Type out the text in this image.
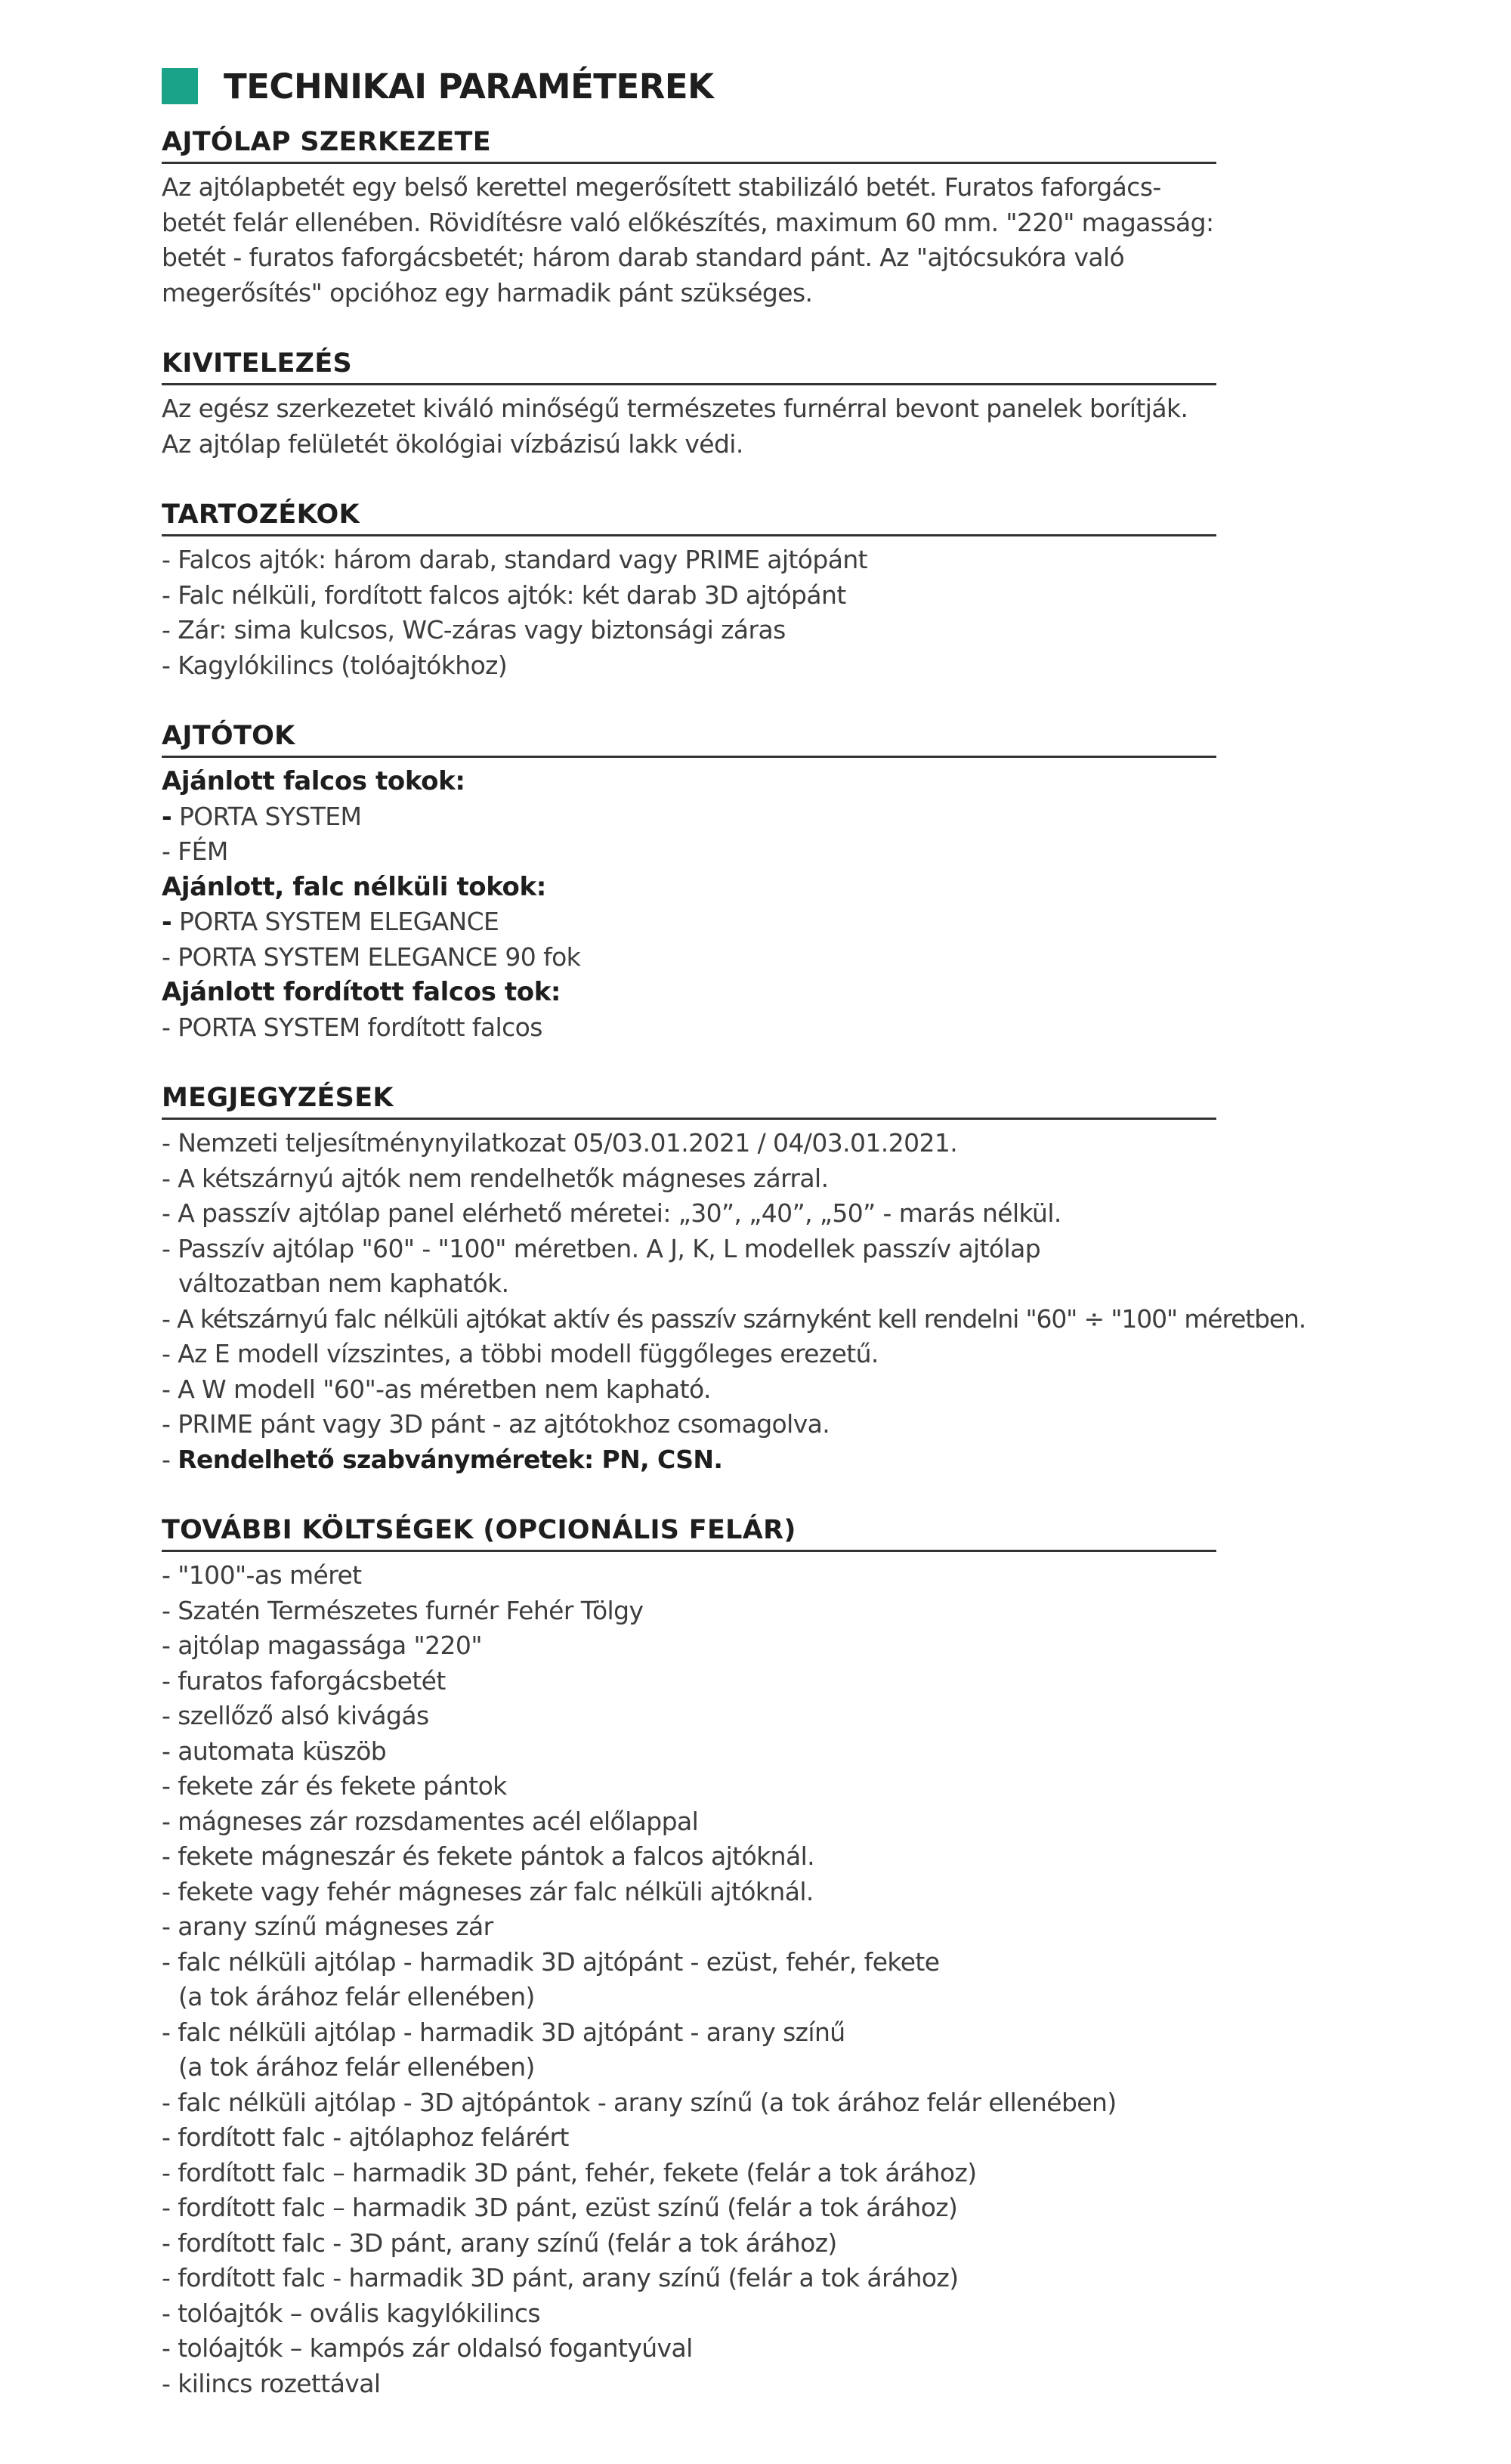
TECHNIKAI PARAMÉTEREK
AJTÓLAP SZERKEZETE
Az ajtólapbetét egy belső kerettel megerősített stabilizáló betét. Furatos faforgács-
betét felár ellenében. Rövidítésre való előkészítés, maximum 60 mm. "220" magasság:
betét - furatos faforgácsbetét; három darab standard pánt. Az "ajtócsukóra való
megerősítés" opcióhoz egy harmadik pánt szükséges.
KIVITELEZÉS
Az egész szerkezetet kiváló minőségű természetes furnérral bevont panelek borítják.
Az ajtólap felületét ökológiai vízbázisú lakk védi.
TARTOZÉKOK
- Falcos ajtók: három darab, standard vagy PRIME ajtópánt
- Falc nélküli, fordított falcos ajtók: két darab 3D ajtópánt
- Zár: sima kulcsos, WC-záras vagy biztonsági záras
- Kagylókilincs (tolóajtókhoz)
AJTÓTOK
Ajánlott falcos tokok:
- PORTA SYSTEM
- FÉM
Ajánlott, falc nélküli tokok:
- PORTA SYSTEM ELEGANCE
- PORTA SYSTEM ELEGANCE 90 fok
Ajánlott fordított falcos tok:
- PORTA SYSTEM fordított falcos
MEGJEGYZÉSEK
- Nemzeti teljesítménynyilatkozat 05/03.01.2021 / 04/03.01.2021.
- A kétszárnyú ajtók nem rendelhetők mágneses zárral.
- A passzív ajtólap panel elérhető méretei: „30”, „40”, „50” - marás nélkül.
- Passzív ajtólap "60" - "100" méretben. A J, K, L modellek passzív ajtólap
változatban nem kaphatók.
- A kétszárnyú falc nélküli ajtókat aktív és passzív szárnyként kell rendelni "60" ÷ "100" méretben.
- Az E modell vízszintes, a többi modell függőleges erezetű.
- A W modell "60"-as méretben nem kapható.
- PRIME pánt vagy 3D pánt - az ajtótokhoz csomagolva.
- Rendelhető szabványméretek: PN, CSN.
TOVÁBBI KÖLTSÉGEK (OPCIONÁLIS FELÁR)
- "100"-as méret
- Szatén Természetes furnér Fehér Tölgy
- ajtólap magassága "220"
- furatos faforgácsbetét
- szellőző alsó kivágás
- automata küszöb
- fekete zár és fekete pántok
- mágneses zár rozsdamentes acél előlappal
- fekete mágneszár és fekete pántok a falcos ajtóknál.
- fekete vagy fehér mágneses zár falc nélküli ajtóknál.
- arany színű mágneses zár
- falc nélküli ajtólap - harmadik 3D ajtópánt - ezüst, fehér, fekete
(a tok árához felár ellenében)
- falc nélküli ajtólap - harmadik 3D ajtópánt - arany színű
(a tok árához felár ellenében)
- falc nélküli ajtólap - 3D ajtópántok - arany színű (a tok árához felár ellenében)
- fordított falc - ajtólaphoz felárért
- fordított falc – harmadik 3D pánt, fehér, fekete (felár a tok árához)
- fordított falc – harmadik 3D pánt, ezüst színű (felár a tok árához)
- fordított falc - 3D pánt, arany színű (felár a tok árához)
- fordított falc - harmadik 3D pánt, arany színű (felár a tok árához)
- tolóajtók – ovális kagylókilincs
- tolóajtók – kampós zár oldalsó fogantyúval
- kilincs rozettával
